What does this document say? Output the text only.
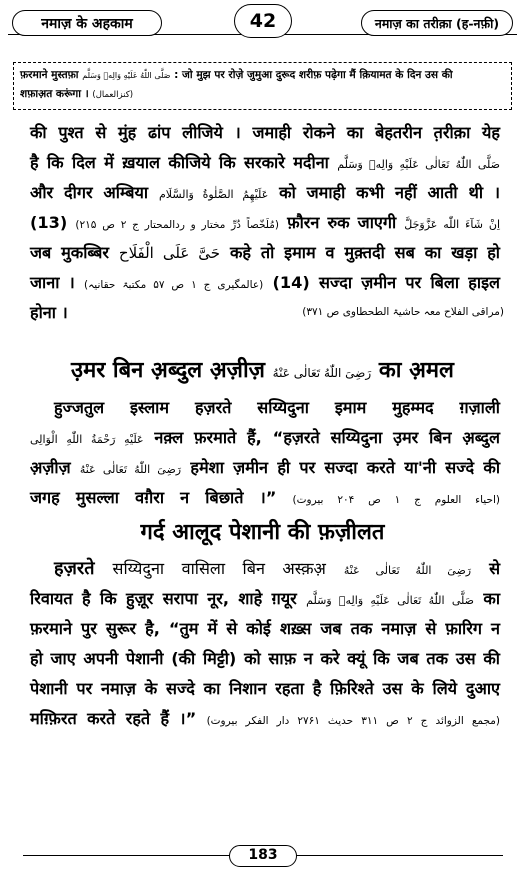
नमाज़ के अहकाम	42	नमाज़ का तरीक़ा (ह-नफ़ी)
फ़रमाने मुस्तफ़ा صَلَّى اللّٰهُ عَلَيْهِ وَالِهٖ وَسَلَّم : जो मुझ पर रोज़े जुमुआ दुरूद शरीफ़ पढ़ेगा मैं क़ियामत के दिन उस की
शफ़ाअ़त करूंगा । (کنزالعمال)
की पुश्त से मुंह ढांप लीजिये । जमाही रोकने का बेहतरीन त़रीक़ा येह
है कि दिल में ख़याल कीजिये कि सरकारे मदीना صَلَّى اللّٰهُ تَعَالٰى عَلَيْهِ وَالِهٖ وَسَلَّم
और दीगर अम्बिया عَلَيْهِمُ الصَّلٰوةُ وَالسَّلَام को जमाही कभी नहीं आती थी ।
(13) (مُلَخّصاً دُرِّ مختار و ردالمحتار ج ۲ ص ۲۱۵) फ़ौरन रुक जाएगी اِنْ شَآءَ اللّٰه عَزَّوَجَلَّ
जब मुकब्बिर حَیَّ عَلَی الْفَلَاح कहे तो इमाम व मुक़्तदी सब का खड़ा हो
जाना । (عالمگیری ج ۱ ص ۵۷ مکتبۃ حقانیہ) (14) सज्दा ज़मीन पर बिला हाइल
होना ।	(مراقی الفلاح معہ حاشیۃ الطحطاوی ص ۳۷۱)
उ़मर बिन अ़ब्दुल अ़ज़ीज़ رَضِیَ اللّٰهُ تَعَالٰی عَنْهُ का अ़मल
हुज्जतुल इस्लाम हज़रते सय्यिदुना इमाम मुहम्मद ग़ज़ाली
عَلَيْهِ رَحْمَةُ اللّٰهِ الْوَالِى नक़्ल फ़रमाते हैं, “हज़रते सय्यिदुना उ़मर बिन अ़ब्दुल
अ़ज़ीज़ رَضِیَ اللّٰهُ تَعَالٰی عَنْهُ हमेशा ज़मीन ही पर सज्दा करते या'नी सज्दे की
जगह मुसल्ला वग़ैरा न बिछाते ।” (احیاء العلوم ج ۱ ص ۲۰۴ بیروت)
गर्द आलूद पेशानी की फ़ज़ीलत
हज़रते सय्यिदुना वासिला बिन अस्क़अ़ رَضِیَ اللّٰهُ تَعَالٰی عَنْهُ से
रिवायत है कि हुज़ूर सरापा नूर, शाहे ग़यूर صَلَّى اللّٰهُ تَعَالٰى عَلَيْهِ وَالِهٖ وَسَلَّم का
फ़रमाने पुर सुरूर है, “तुम में से कोई शख़्स जब तक नमाज़ से फ़ारिग न
हो जाए अपनी पेशानी (की मिट्टी) को साफ़ न करे क्यूं कि जब तक उस की
पेशानी पर नमाज़ के सज्दे का निशान रहता है फ़िरिश्ते उस के लिये दुआए
मग़्फ़िरत करते रहते हैं ।” (مجمع الزوائد ج ۲ ص ۳۱۱ حدیث ۲۷۶۱ دار الفکر بیروت)
183
